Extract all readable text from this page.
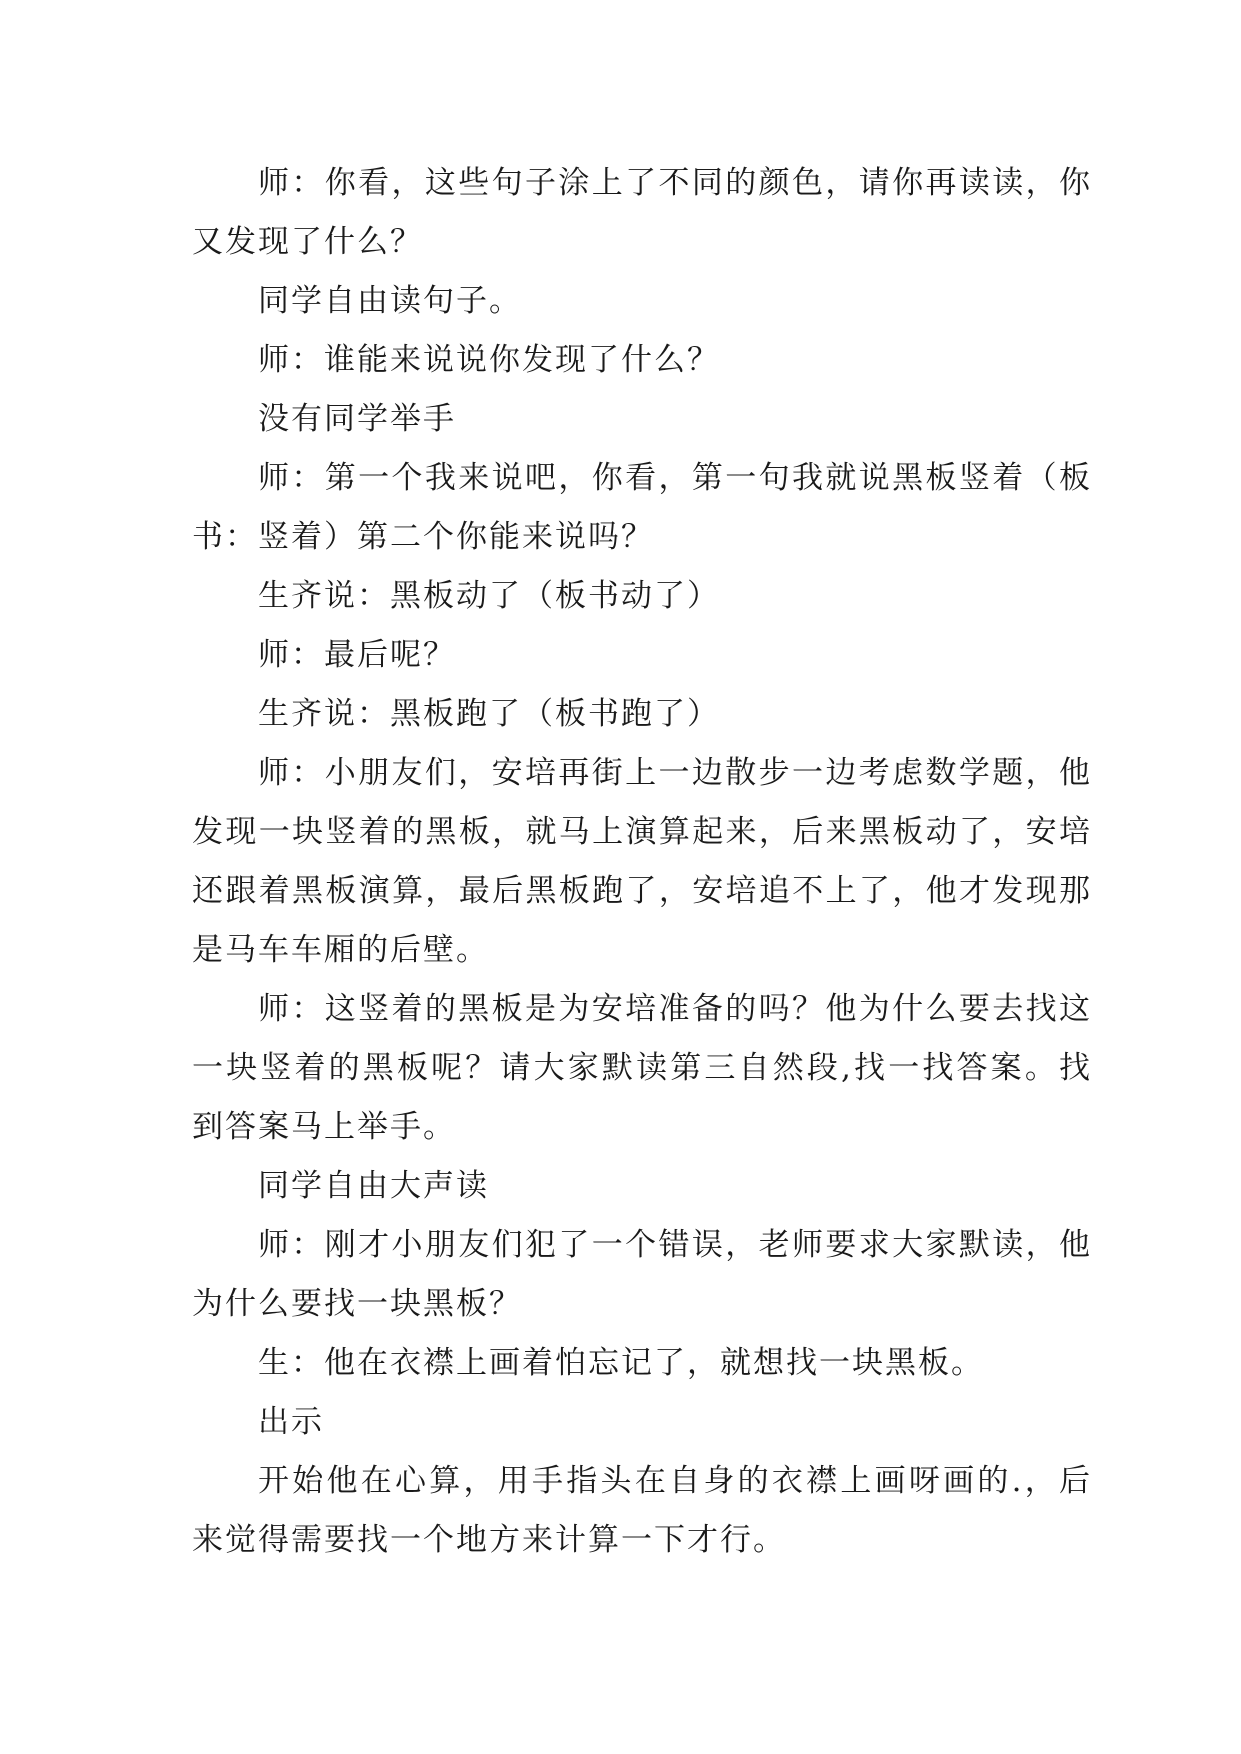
师：你看，这些句子涂上了不同的颜色，请你再读读，你又发现了什么？

同学自由读句子。

师：谁能来说说你发现了什么？

没有同学举手

师：第一个我来说吧，你看，第一句我就说黑板竖着（板书：竖着）第二个你能来说吗？

生齐说：黑板动了（板书动了）

师：最后呢？

生齐说：黑板跑了（板书跑了）

师：小朋友们，安培再街上一边散步一边考虑数学题，他发现一块竖着的黑板，就马上演算起来，后来黑板动了，安培还跟着黑板演算，最后黑板跑了，安培追不上了，他才发现那是马车车厢的后壁。

师：这竖着的黑板是为安培准备的吗？他为什么要去找这一块竖着的黑板呢？请大家默读第三自然段,找一找答案。找到答案马上举手。

同学自由大声读

师：刚才小朋友们犯了一个错误，老师要求大家默读，他为什么要找一块黑板？

生：他在衣襟上画着怕忘记了，就想找一块黑板。

出示

开始他在心算，用手指头在自身的衣襟上画呀画的.，后来觉得需要找一个地方来计算一下才行。
